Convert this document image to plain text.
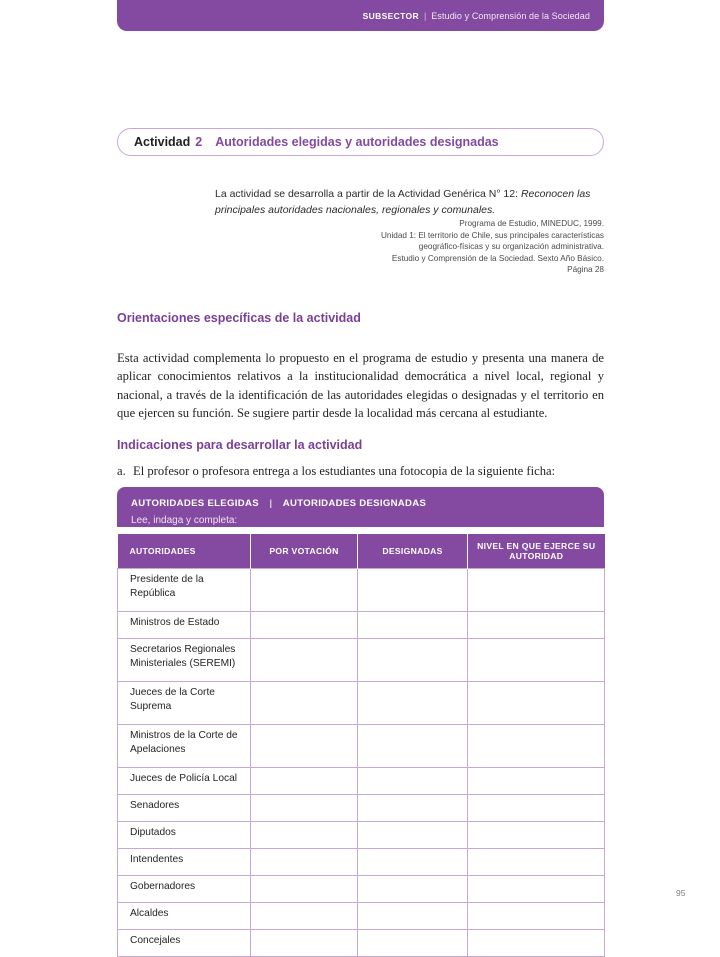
SUBSECTOR | Estudio y Comprensión de la Sociedad
Actividad 2 Autoridades elegidas y autoridades designadas

La actividad se desarrolla a partir de la Actividad Genérica N° 12: Reconocen las principales autoridades nacionales, regionales y comunales.

Programa de Estudio, MINEDUC, 1999.
Unidad 1: El territorio de Chile, sus principales características
geográfico-físicas y su organización administrativa.
Estudio y Comprensión de la Sociedad. Sexto Año Básico.
Página 28
Orientaciones específicas de la actividad

Esta actividad complementa lo propuesto en el programa de estudio y presenta una manera de aplicar conocimientos relativos a la institucionalidad democrática a nivel local, regional y nacional, a través de la identificación de las autoridades elegidas o designadas y el territorio en que ejercen su función. Se sugiere partir desde la localidad más cercana al estudiante.

Indicaciones para desarrollar la actividad
a. El profesor o profesora entrega a los estudiantes una fotocopia de la siguiente ficha:
AUTORIDADES ELEGIDAS | AUTORIDADES DESIGNADAS
Lee, indaga y completa:
AUTORIDADES	POR VOTACIÓN	DESIGNADAS	NIVEL EN QUE EJERCE SU AUTORIDAD
Presidente de la República			
Ministros de Estado			
Secretarios Regionales Ministeriales (SEREMI)			
Jueces de la Corte Suprema			
Ministros de la Corte de Apelaciones			
Jueces de Policía Local			
Senadores			
Diputados			
Intendentes			
Gobernadores			
Alcaldes			
Concejales			
95
